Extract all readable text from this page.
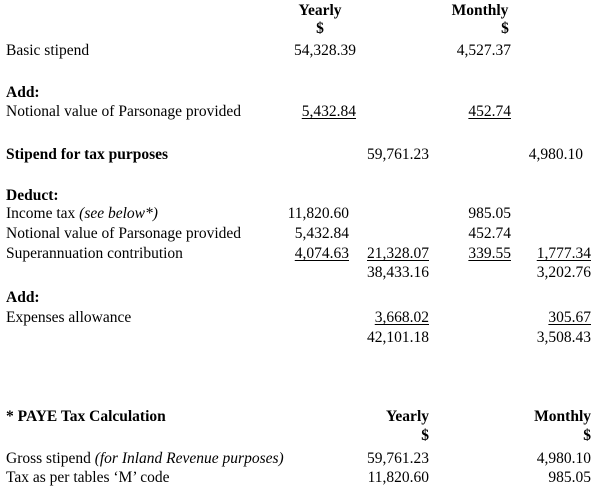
Yearly
$
Monthly
$
Basic stipend	54,328.39	4,527.37
Add:
Notional value of Parsonage provided	5,432.84	452.74
Stipend for tax purposes	59,761.23	4,980.10
Deduct:
Income tax (see below*)	11,820.60	985.05
Notional value of Parsonage provided	5,432.84	452.74
Superannuation contribution	4,074.63	339.55
21,328.07	1,777.34
38,433.16	3,202.76
Add:
Expenses allowance	3,668.02	305.67
42,101.18	3,508.43
* PAYE Tax Calculation	Yearly
$
Monthly
$
Gross stipend (for Inland Revenue purposes)	59,761.23	4,980.10
Tax as per tables ‘M’ code	11,820.60	985.05
